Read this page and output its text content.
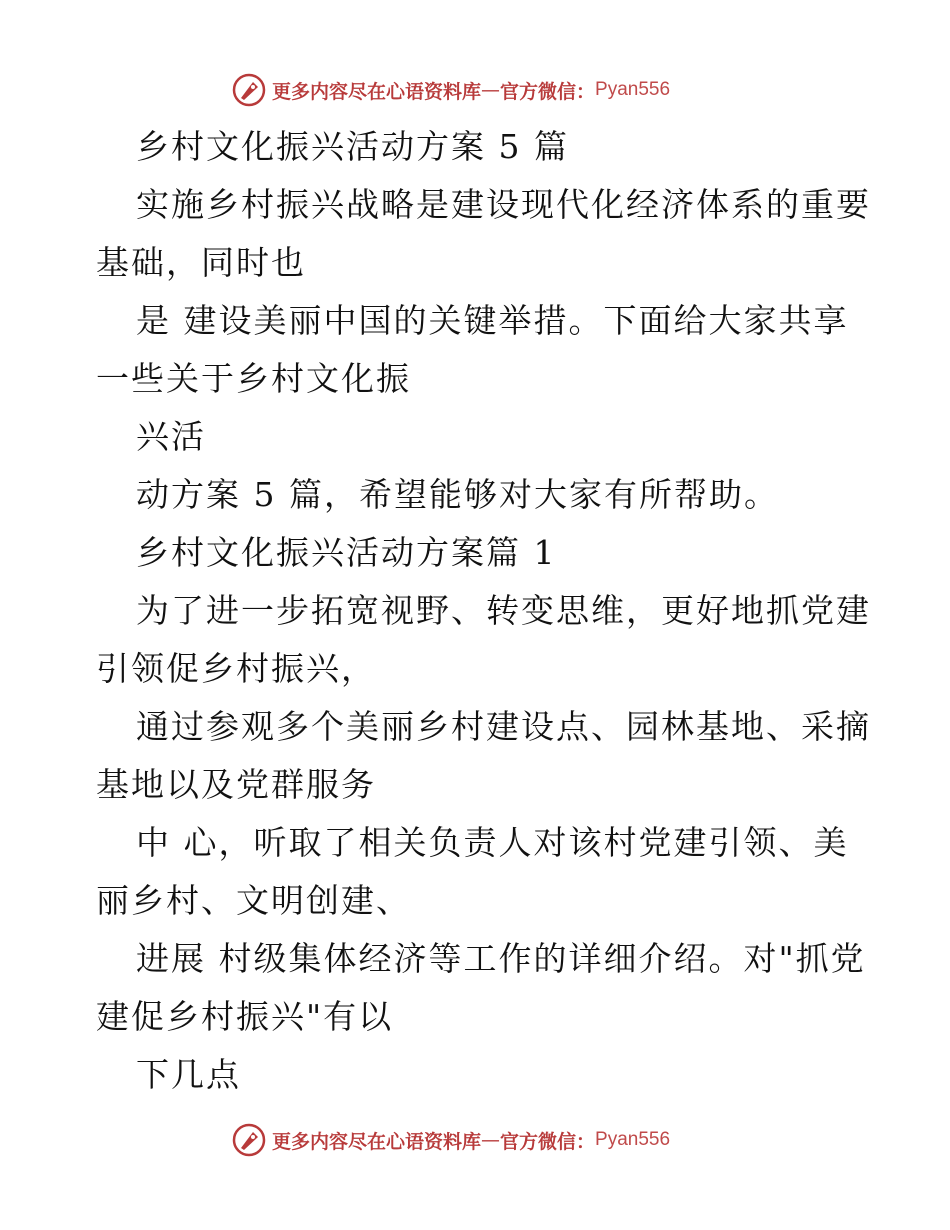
更多内容尽在心语资料库 — 官方微信： Pyan556
乡村文化振兴活动方案 5 篇
实施乡村振兴战略是建设现代化经济体系的重要
基础，同时也
是 建设美丽中国的关键举措。下面给大家共享
一些关于乡村文化振
兴活
动方案 5 篇，希望能够对大家有所帮助。
乡村文化振兴活动方案篇 1
为了进一步拓宽视野、转变思维，更好地抓党建
引领促乡村振兴，
通过参观多个美丽乡村建设点、园林基地、采摘
基地以及党群服务
中 心，听取了相关负责人对该村党建引领、美
丽乡村、文明创建、
进展 村级集体经济等工作的详细介绍。对"抓党
建促乡村振兴"有以
下几点
更多内容尽在心语资料库 — 官方微信： Pyan556
